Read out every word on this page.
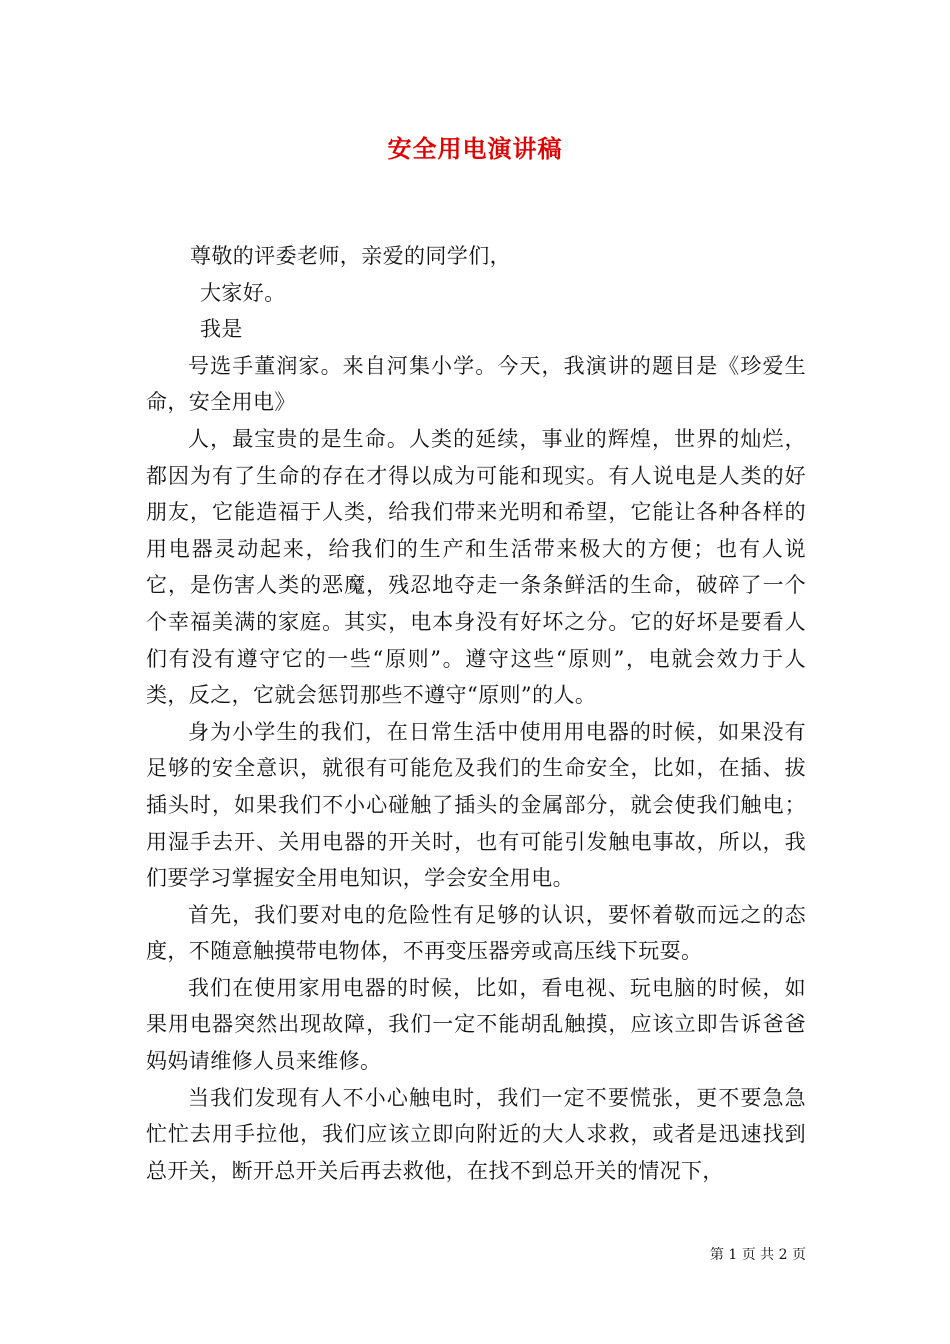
安全用电演讲稿

尊敬的评委老师，亲爱的同学们，

大家好。

我是

号选手董润家。来自河集小学。今天，我演讲的题目是《珍爱生命，安全用电》

人，最宝贵的是生命。人类的延续，事业的辉煌，世界的灿烂，都因为有了生命的存在才得以成为可能和现实。有人说电是人类的好朋友，它能造福于人类，给我们带来光明和希望，它能让各种各样的用电器灵动起来，给我们的生产和生活带来极大的方便；也有人说它，是伤害人类的恶魔，残忍地夺走一条条鲜活的生命，破碎了一个个幸福美满的家庭。其实，电本身没有好坏之分。它的好坏是要看人们有没有遵守它的一些“原则”。遵守这些“原则”，电就会效力于人类，反之，它就会惩罚那些不遵守“原则”的人。

身为小学生的我们，在日常生活中使用用电器的时候，如果没有足够的安全意识，就很有可能危及我们的生命安全，比如，在插、拔插头时，如果我们不小心碰触了插头的金属部分，就会使我们触电；用湿手去开、关用电器的开关时，也有可能引发触电事故，所以，我们要学习掌握安全用电知识，学会安全用电。

首先，我们要对电的危险性有足够的认识，要怀着敬而远之的态度，不随意触摸带电物体，不再变压器旁或高压线下玩耍。

我们在使用家用电器的时候，比如，看电视、玩电脑的时候，如果用电器突然出现故障，我们一定不能胡乱触摸，应该立即告诉爸爸妈妈请维修人员来维修。

当我们发现有人不小心触电时，我们一定不要慌张，更不要急急忙忙去用手拉他，我们应该立即向附近的大人求救，或者是迅速找到总开关，断开总开关后再去救他，在找不到总开关的情况下，

第 1 页 共 2 页
